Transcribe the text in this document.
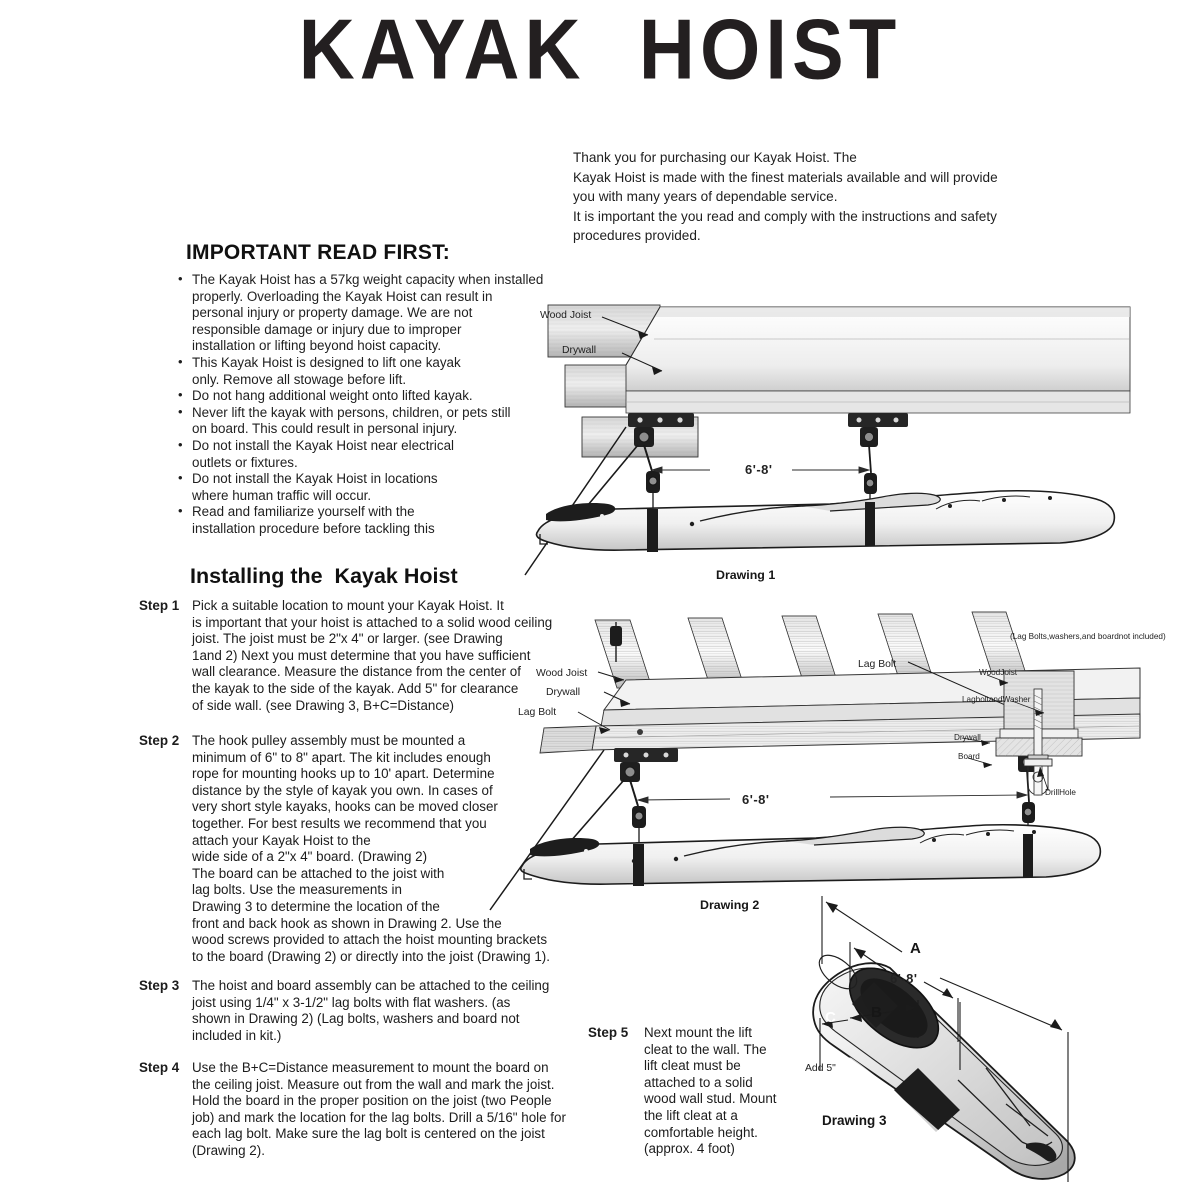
KAYAK  HOIST
Thank you for purchasing our Kayak Hoist. The
Kayak Hoist is made with the finest materials available and will provide
you with many years of dependable service.
It is important the you read and comply with the instructions and safety
procedures provided.
IMPORTANT READ FIRST:
• The Kayak Hoist has a 57kg weight capacity when installed
properly. Overloading the Kayak Hoist can result in
personal injury or property damage. We are not
responsible damage or injury due to improper
installation or lifting beyond hoist capacity.
• This Kayak Hoist is designed to lift one kayak
only. Remove all stowage before lift.
• Do not hang additional weight onto lifted kayak.
• Never lift the kayak with persons, children, or pets still
on board. This could result in personal injury.
• Do not install the Kayak Hoist near electrical
outlets or fixtures.
• Do not install the Kayak Hoist in locations
where human traffic will occur.
• Read and familiarize yourself with the
installation procedure before tackling this
Installing the  Kayak Hoist
Step 1 Pick a suitable location to mount your Kayak Hoist. It
is important that your hoist is attached to a solid wood ceiling
joist. The joist must be 2"x 4" or larger. (see Drawing
1and 2) Next you must determine that you have sufficient
wall clearance. Measure the distance from the center of
the kayak to the side of the kayak. Add 5" for clearance
of side wall. (see Drawing 3, B+C=Distance)
Step 2 The hook pulley assembly must be mounted a
minimum of 6" to 8" apart. The kit includes enough
rope for mounting hooks up to 10' apart. Determine
distance by the style of kayak you own. In cases of
very short style kayaks, hooks can be moved closer
together. For best results we recommend that you
attach your Kayak Hoist to the
wide side of a 2"x 4" board. (Drawing 2)
The board can be attached to the joist with
lag bolts. Use the measurements in
Drawing 3 to determine the location of the
front and back hook as shown in Drawing 2. Use the
wood screws provided to attach the hoist mounting brackets
to the board (Drawing 2) or directly into the joist (Drawing 1).
Step 3 The hoist and board assembly can be attached to the ceiling
joist using 1/4" x 3-1/2" lag bolts with flat washers. (as
shown in Drawing 2) (Lag bolts, washers and board not
included in kit.)
Step 4 Use the B+C=Distance measurement to mount the board on
the ceiling joist. Measure out from the wall and mark the joist.
Hold the board in the proper position on the joist (two People
job) and mark the location for the lag bolts. Drill a 5/16" hole for
each lag bolt. Make sure the lag bolt is centered on the joist
(Drawing 2).
Step 5 Next mount the lift
cleat to the wall. The
lift cleat must be
attached to a solid
wood wall stud. Mount
the lift cleat at a
comfortable height.
(approx. 4 foot)
Wood Joist
Drywall
6'-8'
Drawing 1
Wood Joist
Drywall
Lag Bolt
Lag Bolt
6'-8'
Drawing 2
(Lag Bolts,washers,and boardnot included)
WoodJoist
LagboltandWasher
Drywall
Board
DrillHole
A
6'-8'
B
C
Add 5"
Drawing 3
